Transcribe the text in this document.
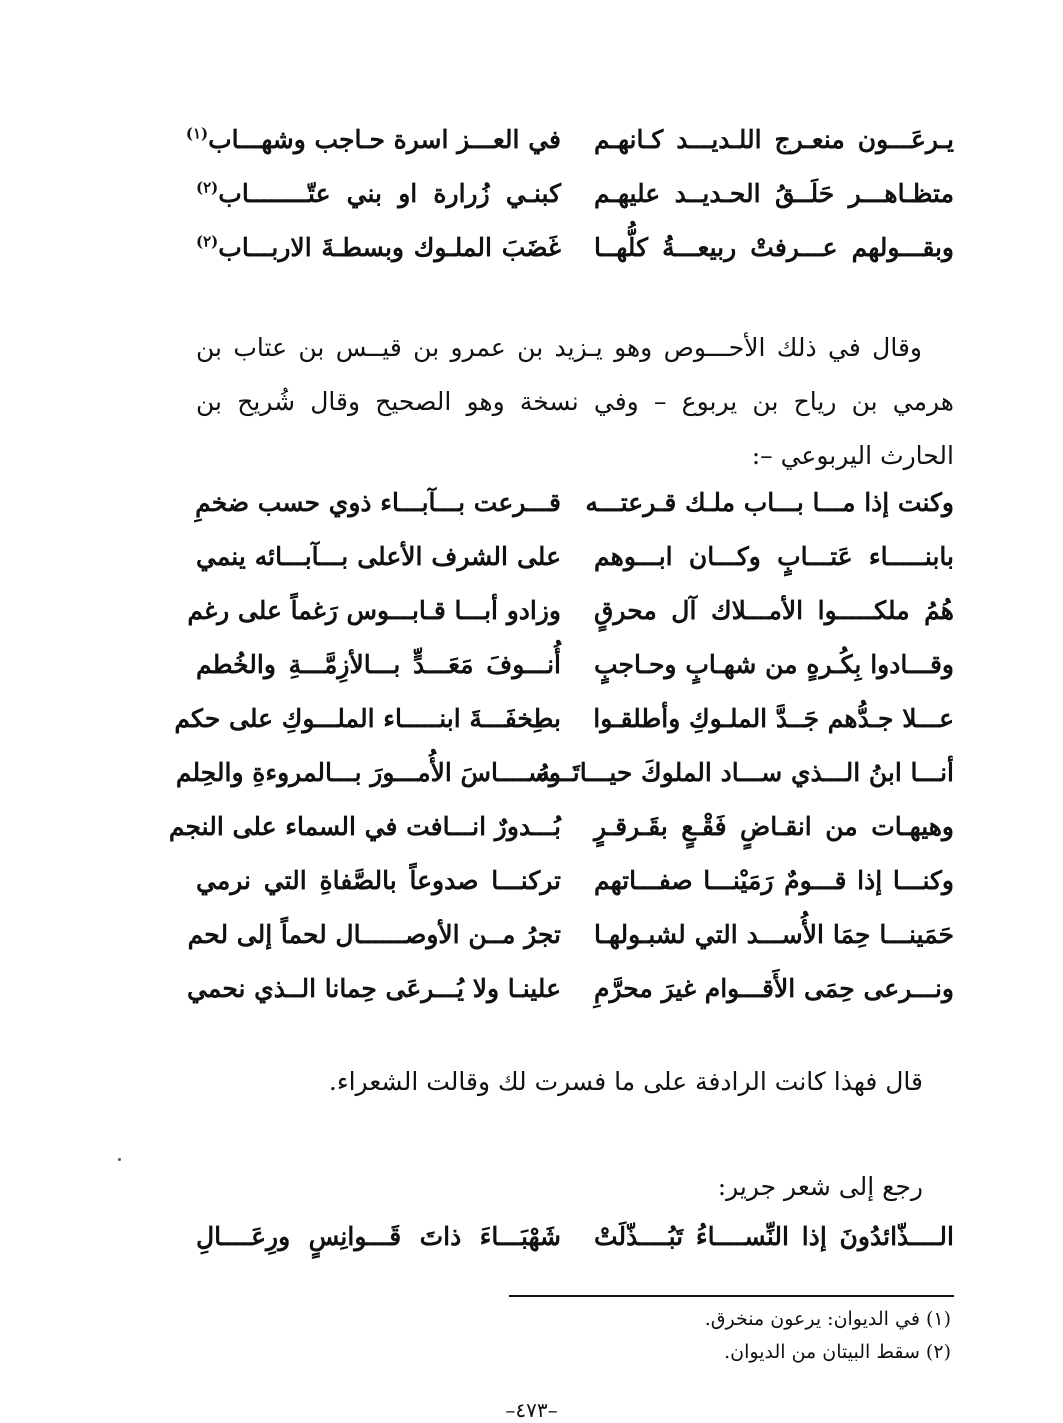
يـرعَـــون منعـرج اللـديـــد كـانهـم
في العـــز اسرة حـاجب وشهـــاب$^{(١)}$
متظـاهـــر حَلَــقُ الحـديــد عليهـم
كبنـي زُرارة او بني عتّــــــــاب$^{(٢)}$
وبقـــولهم عـــرفتْ ربيعـــةُ كلُّهــا
غَضَبَ الملـوك وبسطـةَ الاربـــاب$^{(٢)}$
وقال في ذلك الأحـــوص وهو يـزيد بن عمرو بن قيــس بن عتاب بن
هرمي بن رياح بن يربوع – وفي نسخة وهو الصحيح وقال شُريح بن
الحارث اليربوعي –:
وكنت إذا مـــا بـــاب ملـك قـرعتـــه
قـــرعت بـــآبـــاء ذوي حسب ضخمِ
بابنـــــاء عَتـــابٍ وكـــان ابـــوهم
على الشرف الأعلى بـــآبـــائه ينمي
هُمُ ملكـــــوا الأمـــلاك آل محرقٍ
وزادو أبـــا قـابـــوس رَغماً على رغم
وقـــادوا بِكُـرهٍ من شهـابٍ وحـاجبٍ
أُنـــوفَ مَعَـــدٍّ بـــالأزِمَّـــةِ والخُطم
عـــلا جـدُّهم جَــدَّ الملـوكِ وأطلقـوا
بطِخفَـــةَ ابنـــــاء الملـــوكِ على حكم
أنـــا ابنُ الـــذي ســـاد الملوكَ حيـــاتَـــهُ
وســــاسَ الأُمـــورَ بـــالمروءةِ والحِلم
وهيهـات من انقـاضٍ فَقْـعٍ بقَـرقـرٍ
بُـــدورٌ انـــافت في السماء على النجم
وكنـــا إذا قـــومٌ رَمَيْنـــا صفـــاتهم
تركنـــا صدوعاً بالصَّفاةِ التي نرمي
حَمَينـــا حِمَا الأُســـد التي لشبـولهـا
تجرُ مــن الأوصــــــال لحماً إلى لحم
ونـــرعى حِمَى الأَقـــوام غيرَ محرَّمِ
علينـا ولا يُـــرعَى حِمانا الــذي نحمي
قال فهذا كانت الرادفة على ما فسرت لك وقالت الشعراء.
رجع إلى شعر جرير:
الــــذّائدُونَ إذا النِّســــاءُ تَبُــــذّلَتْ
شَهْبَـــاءَ ذاتَ قَـــوانِسٍ ورِعَــــالِ
(١) في الديوان: يرعون منخرق.
(٢) سقط البيتان من الديوان.
–٤٧٣–
